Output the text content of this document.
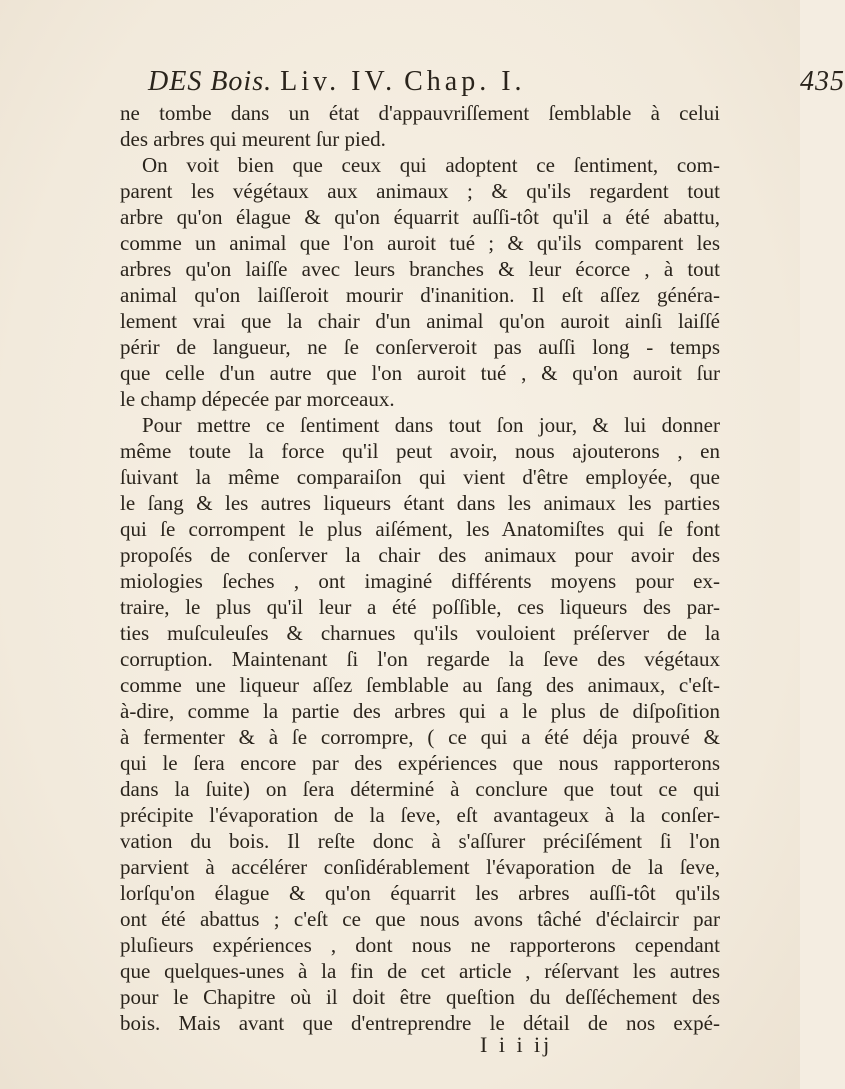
DES Bois. Liv. IV. Chap. I.	435
ne tombe dans un état d'appauvriſſement ſemblable à celui
des arbres qui meurent ſur pied.
On voit bien que ceux qui adoptent ce ſentiment, com-
parent les végétaux aux animaux ; & qu'ils regardent tout
arbre qu'on élague & qu'on équarrit auſſi-tôt qu'il a été abattu,
comme un animal que l'on auroit tué ; & qu'ils comparent les
arbres qu'on laiſſe avec leurs branches & leur écorce , à tout
animal qu'on laiſſeroit mourir d'inanition. Il eſt aſſez généra-
lement vrai que la chair d'un animal qu'on auroit ainſi laiſſé
périr de langueur, ne ſe conſerveroit pas auſſi long - temps
que celle d'un autre que l'on auroit tué , & qu'on auroit ſur
le champ dépecée par morceaux.
Pour mettre ce ſentiment dans tout ſon jour, & lui donner
même toute la force qu'il peut avoir, nous ajouterons , en
ſuivant la même comparaiſon qui vient d'être employée, que
le ſang & les autres liqueurs étant dans les animaux les parties
qui ſe corrompent le plus aiſément, les Anatomiſtes qui ſe font
propoſés de conſerver la chair des animaux pour avoir des
miologies ſeches , ont imaginé différents moyens pour ex-
traire, le plus qu'il leur a été poſſible, ces liqueurs des par-
ties muſculeuſes & charnues qu'ils vouloient préſerver de la
corruption. Maintenant ſi l'on regarde la ſeve des végétaux
comme une liqueur aſſez ſemblable au ſang des animaux, c'eſt-
à-dire, comme la partie des arbres qui a le plus de diſpoſition
à fermenter & à ſe corrompre, ( ce qui a été déja prouvé &
qui le ſera encore par des expériences que nous rapporterons
dans la ſuite) on ſera déterminé à conclure que tout ce qui
précipite l'évaporation de la ſeve, eſt avantageux à la conſer-
vation du bois. Il reſte donc à s'aſſurer préciſément ſi l'on
parvient à accélérer conſidérablement l'évaporation de la ſeve,
lorſqu'on élague & qu'on équarrit les arbres auſſi-tôt qu'ils
ont été abattus ; c'eſt ce que nous avons tâché d'éclaircir par
pluſieurs expériences , dont nous ne rapporterons cependant
que quelques-unes à la fin de cet article , réſervant les autres
pour le Chapitre où il doit être queſtion du deſſéchement des
bois. Mais avant que d'entreprendre le détail de nos expé-
I i i ij
